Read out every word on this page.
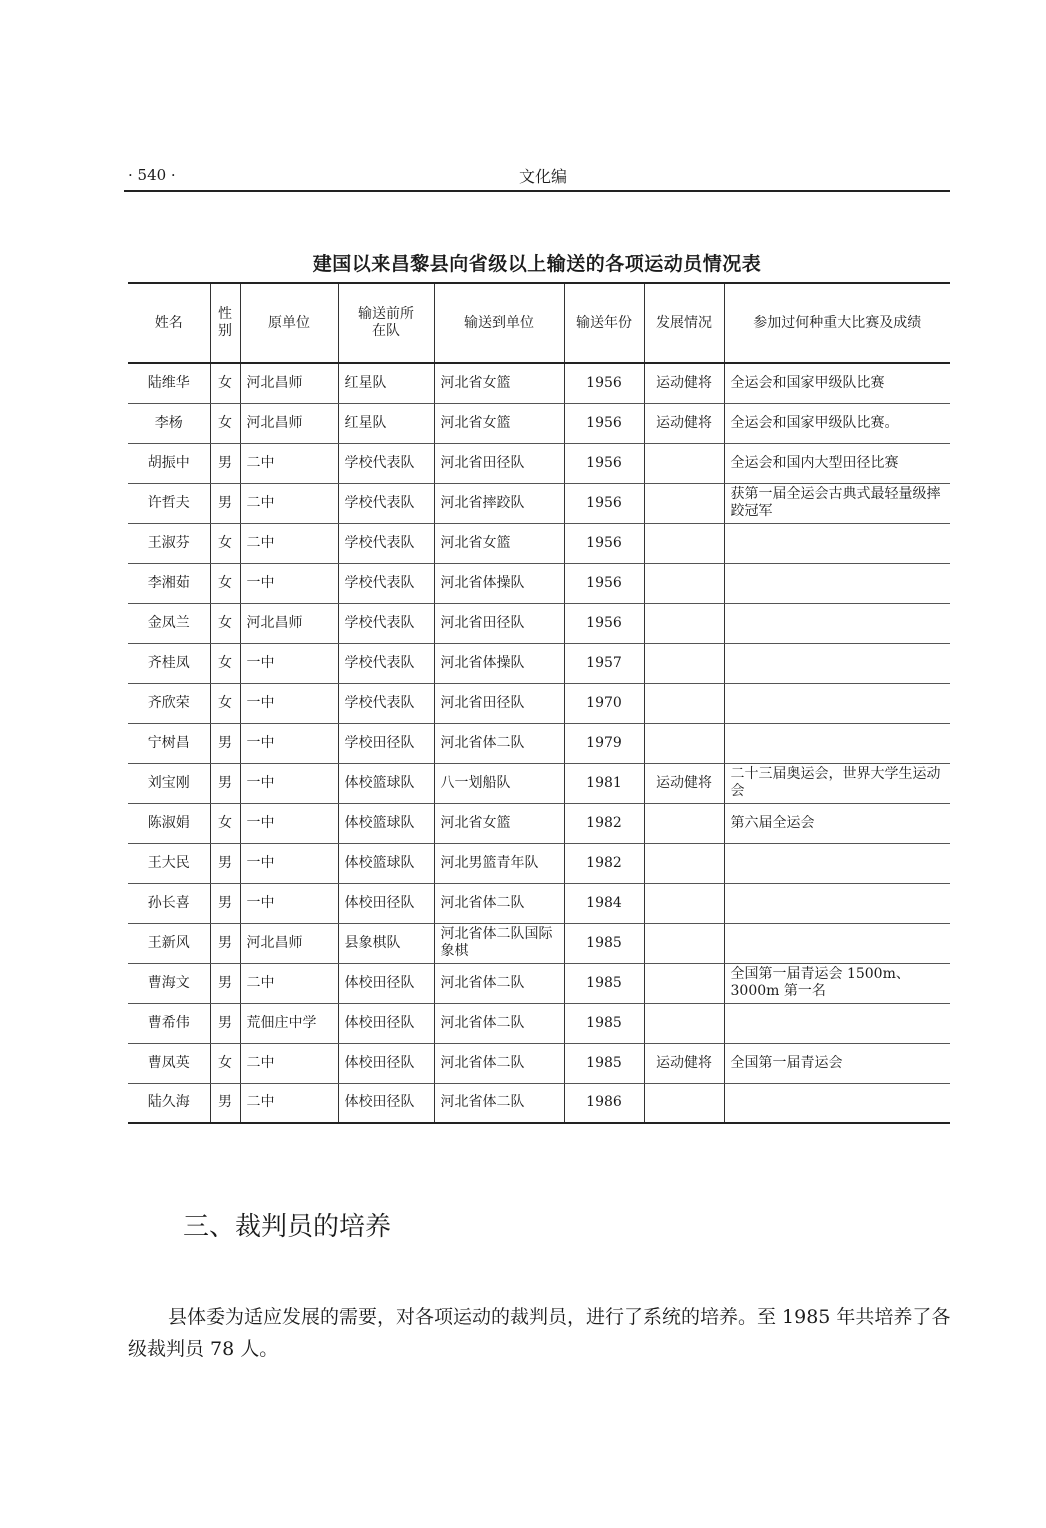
· 540 ·	文化编
建国以来昌黎县向省级以上输送的各项运动员情况表
姓名	性别	原单位	输送前所在队	输送到单位	输送年份	发展情况	参加过何种重大比赛及成绩
陆维华	女	河北昌师	红星队	河北省女篮	1956	运动健将	全运会和国家甲级队比赛
李杨	女	河北昌师	红星队	河北省女篮	1956	运动健将	全运会和国家甲级队比赛。
胡振中	男	二中	学校代表队	河北省田径队	1956		全运会和国内大型田径比赛
许哲夫	男	二中	学校代表队	河北省摔跤队	1956		获第一届全运会古典式最轻量级摔跤冠军
王淑芬	女	二中	学校代表队	河北省女篮	1956		
李湘茹	女	一中	学校代表队	河北省体操队	1956		
金凤兰	女	河北昌师	学校代表队	河北省田径队	1956		
齐桂凤	女	一中	学校代表队	河北省体操队	1957		
齐欣荣	女	一中	学校代表队	河北省田径队	1970		
宁树昌	男	一中	学校田径队	河北省体二队	1979		
刘宝刚	男	一中	体校篮球队	八一划船队	1981	运动健将	二十三届奥运会，世界大学生运动会
陈淑娟	女	一中	体校篮球队	河北省女篮	1982		第六届全运会
王大民	男	一中	体校篮球队	河北男篮青年队	1982		
孙长喜	男	一中	体校田径队	河北省体二队	1984		
王新风	男	河北昌师	县象棋队	河北省体二队国际象棋	1985		
曹海文	男	二中	体校田径队	河北省体二队	1985		全国第一届青运会 1500m、3000m 第一名
曹希伟	男	荒佃庄中学	体校田径队	河北省体二队	1985		
曹凤英	女	二中	体校田径队	河北省体二队	1985	运动健将	全国第一届青运会
陆久海	男	二中	体校田径队	河北省体二队	1986		
三、裁判员的培养

县体委为适应发展的需要，对各项运动的裁判员，进行了系统的培养。至 1985 年共培养了各级裁判员 78 人。
